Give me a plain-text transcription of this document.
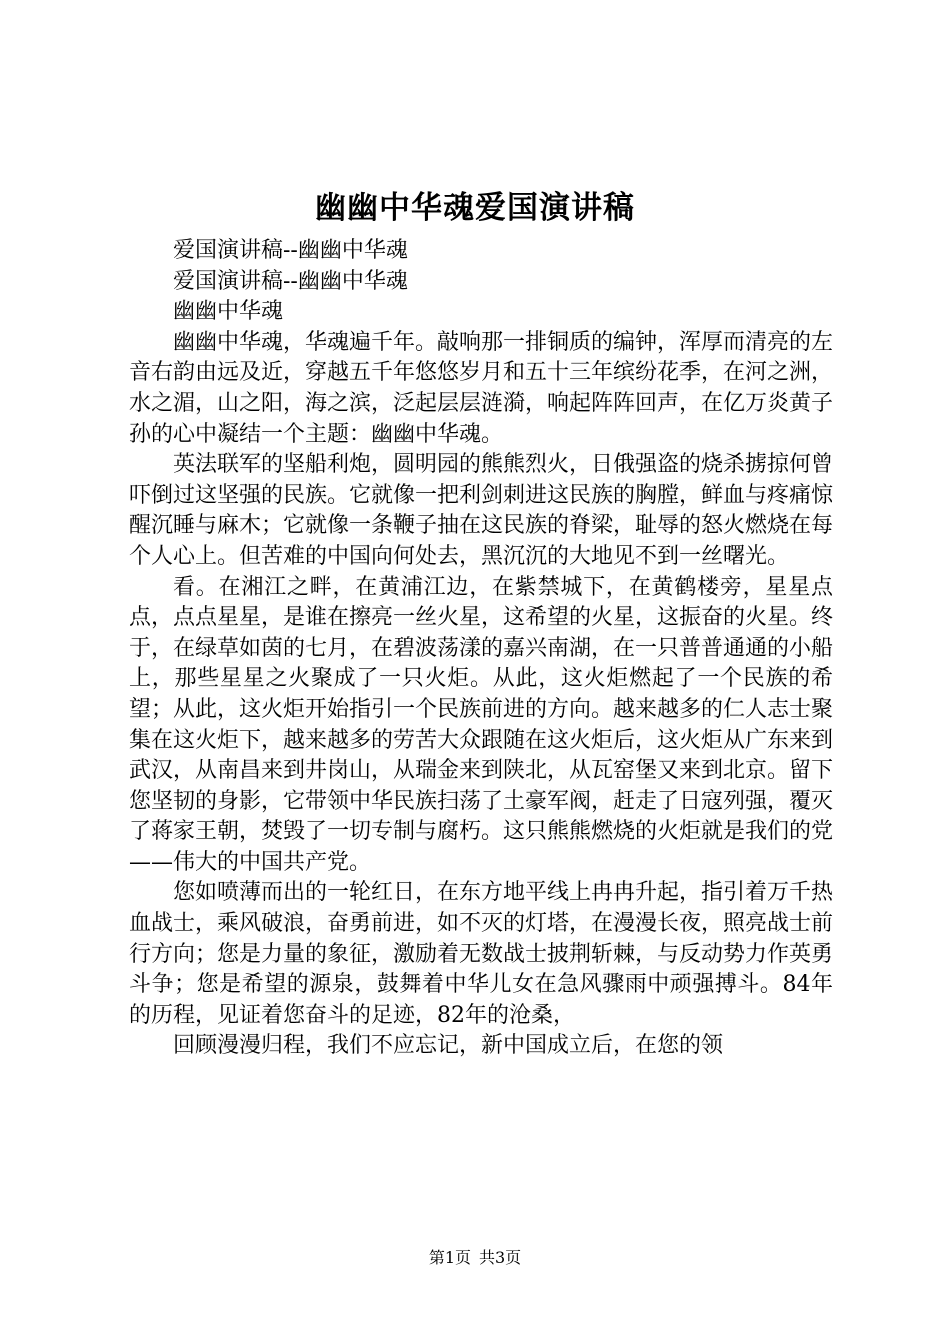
幽幽中华魂爱国演讲稿

爱国演讲稿--幽幽中华魂

爱国演讲稿--幽幽中华魂

幽幽中华魂

幽幽中华魂，华魂遍千年。敲响那一排铜质的编钟，浑厚而清亮的左音右韵由远及近，穿越五千年悠悠岁月和五十三年缤纷花季，在河之洲，水之湄，山之阳，海之滨，泛起层层涟漪，响起阵阵回声，在亿万炎黄子孙的心中凝结一个主题：幽幽中华魂。

英法联军的坚船利炮，圆明园的熊熊烈火，日俄强盗的烧杀掳掠何曾吓倒过这坚强的民族。它就像一把利剑刺进这民族的胸膛，鲜血与疼痛惊醒沉睡与麻木；它就像一条鞭子抽在这民族的脊梁，耻辱的怒火燃烧在每个人心上。但苦难的中国向何处去，黑沉沉的大地见不到一丝曙光。

看。在湘江之畔，在黄浦江边，在紫禁城下，在黄鹤楼旁，星星点点，点点星星，是谁在擦亮一丝火星，这希望的火星，这振奋的火星。终于，在绿草如茵的七月，在碧波荡漾的嘉兴南湖，在一只普普通通的小船上，那些星星之火聚成了一只火炬。从此，这火炬燃起了一个民族的希望；从此，这火炬开始指引一个民族前进的方向。越来越多的仁人志士聚集在这火炬下，越来越多的劳苦大众跟随在这火炬后，这火炬从广东来到武汉，从南昌来到井岗山，从瑞金来到陕北，从瓦窑堡又来到北京。留下您坚韧的身影，它带领中华民族扫荡了土豪军阀，赶走了日寇列强，覆灭了蒋家王朝，焚毁了一切专制与腐朽。这只熊熊燃烧的火炬就是我们的党——伟大的中国共产党。

您如喷薄而出的一轮红日，在东方地平线上冉冉升起，指引着万千热血战士，乘风破浪，奋勇前进，如不灭的灯塔，在漫漫长夜，照亮战士前行方向；您是力量的象征，激励着无数战士披荆斩棘，与反动势力作英勇斗争；您是希望的源泉，鼓舞着中华儿女在急风骤雨中顽强搏斗。84年的历程，见证着您奋斗的足迹，82年的沧桑，

回顾漫漫归程，我们不应忘记，新中国成立后，在您的领

第1页 共3页
